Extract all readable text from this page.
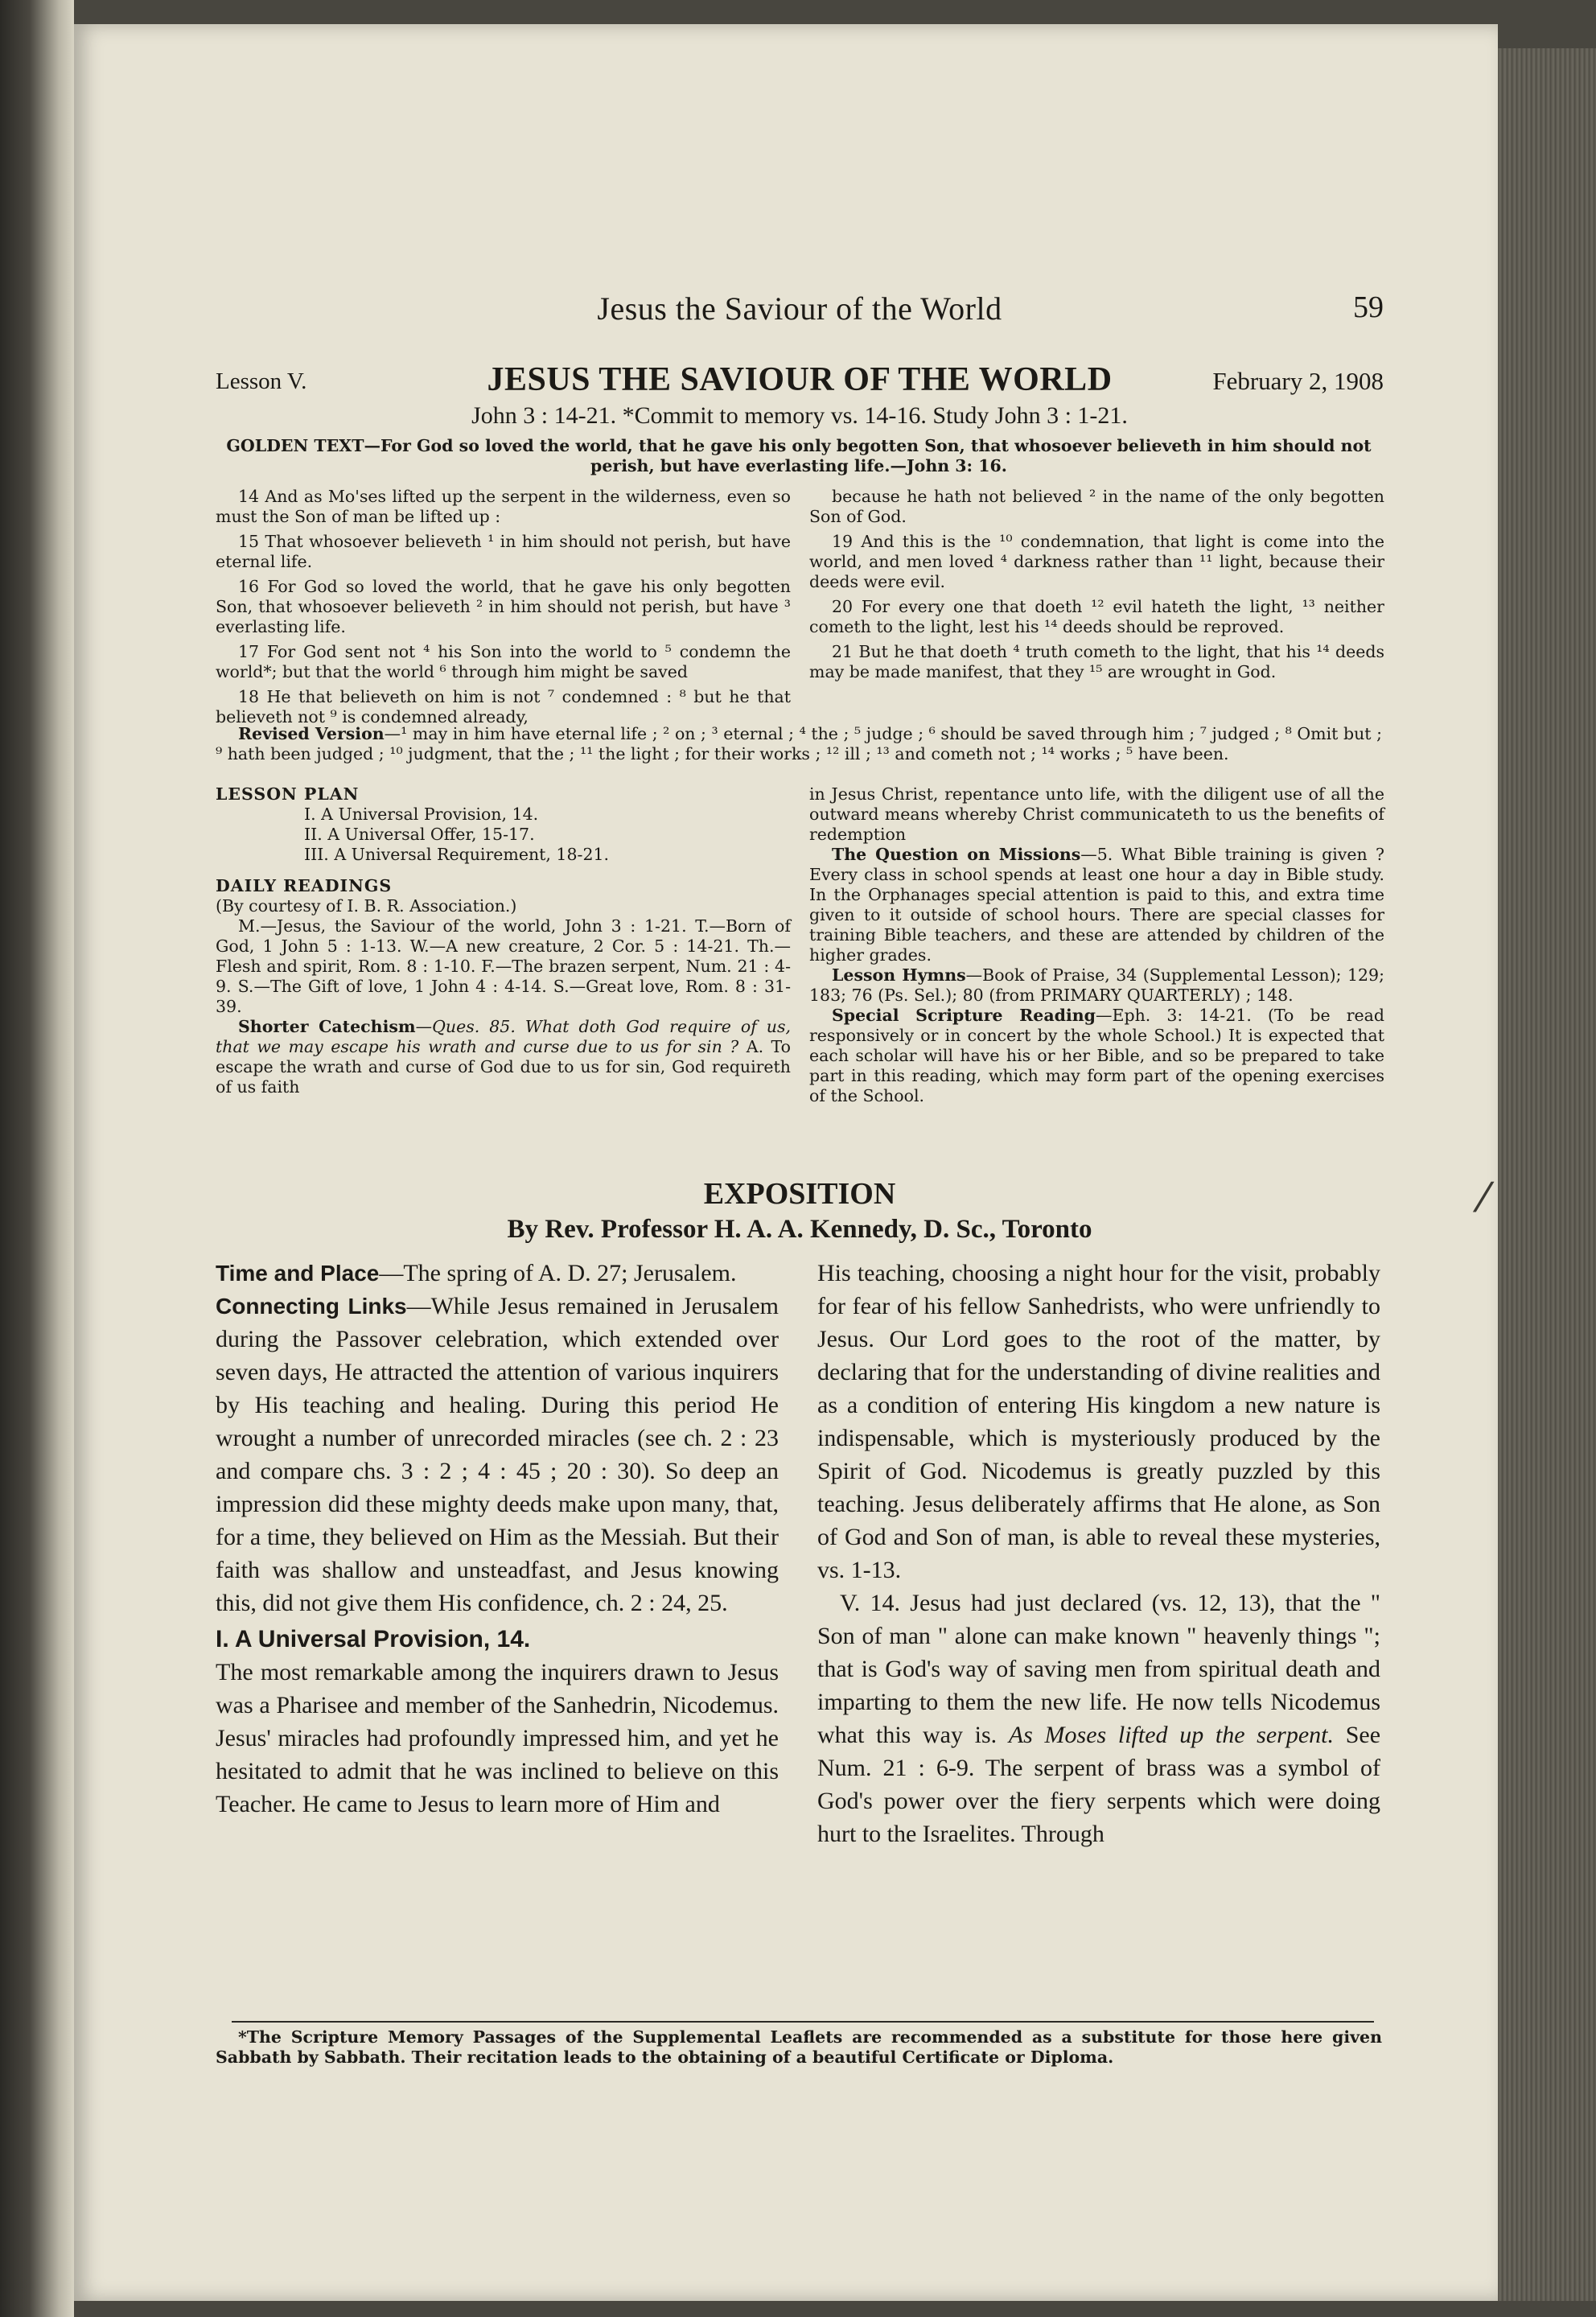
Jesus the Saviour of the World	59
Lesson V.	JESUS THE SAVIOUR OF THE WORLD	February 2, 1908
John 3 : 14-21. *Commit to memory vs. 14-16. Study John 3 : 1-21.
GOLDEN TEXT—For God so loved the world, that he gave his only begotten Son, that whosoever believeth in him should not perish, but have everlasting life.—John 3: 16.

14 And as Mo'ses lifted up the serpent in the wilderness, even so must the Son of man be lifted up :

15 That whosoever believeth ¹ in him should not perish, but have eternal life.

16 For God so loved the world, that he gave his only begotten Son, that whosoever believeth ² in him should not perish, but have ³ everlasting life.

17 For God sent not ⁴ his Son into the world to ⁵ condemn the world*; but that the world ⁶ through him might be saved

18 He that believeth on him is not ⁷ condemned : ⁸ but he that believeth not ⁹ is condemned already,

because he hath not believed ² in the name of the only begotten Son of God.

19 And this is the ¹⁰ condemnation, that light is come into the world, and men loved ⁴ darkness rather than ¹¹ light, because their deeds were evil.

20 For every one that doeth ¹² evil hateth the light, ¹³ neither cometh to the light, lest his ¹⁴ deeds should be reproved.

21 But he that doeth ⁴ truth cometh to the light, that his ¹⁴ deeds may be made manifest, that they ¹⁵ are wrought in God.

Revised Version—¹ may in him have eternal life ; ² on ; ³ eternal ; ⁴ the ; ⁵ judge ; ⁶ should be saved through him ; ⁷ judged ; ⁸ Omit but ; ⁹ hath been judged ; ¹⁰ judgment, that the ; ¹¹ the light ; for their works ; ¹² ill ; ¹³ and cometh not ; ¹⁴ works ; ⁵ have been.

LESSON PLAN

I. A Universal Provision, 14.

II. A Universal Offer, 15-17.

III. A Universal Requirement, 18-21.

DAILY READINGS

(By courtesy of I. B. R. Association.)

M.—Jesus, the Saviour of the world, John 3 : 1-21. T.—Born of God, 1 John 5 : 1-13. W.—A new creature, 2 Cor. 5 : 14-21. Th.—Flesh and spirit, Rom. 8 : 1-10. F.—The brazen serpent, Num. 21 : 4-9. S.—The Gift of love, 1 John 4 : 4-14. S.—Great love, Rom. 8 : 31-39.

Shorter Catechism—Ques. 85. What doth God require of us, that we may escape his wrath and curse due to us for sin ? A. To escape the wrath and curse of God due to us for sin, God requireth of us faith

in Jesus Christ, repentance unto life, with the diligent use of all the outward means whereby Christ communicateth to us the benefits of redemption

The Question on Missions—5. What Bible training is given ? Every class in school spends at least one hour a day in Bible study. In the Orphanages special attention is paid to this, and extra time given to it outside of school hours. There are special classes for training Bible teachers, and these are attended by children of the higher grades.

Lesson Hymns—Book of Praise, 34 (Supplemental Lesson); 129; 183; 76 (Ps. Sel.); 80 (from PRIMARY QUARTERLY) ; 148.

Special Scripture Reading—Eph. 3: 14-21. (To be read responsively or in concert by the whole School.) It is expected that each scholar will have his or her Bible, and so be prepared to take part in this reading, which may form part of the opening exercises of the School.

EXPOSITION
By Rev. Professor H. A. A. Kennedy, D. Sc., Toronto

Time and Place—The spring of A. D. 27; Jerusalem.

Connecting Links—While Jesus remained in Jerusalem during the Passover celebration, which extended over seven days, He attracted the attention of various inquirers by His teaching and healing. During this period He wrought a number of unrecorded miracles (see ch. 2 : 23 and compare chs. 3 : 2 ; 4 : 45 ; 20 : 30). So deep an impression did these mighty deeds make upon many, that, for a time, they believed on Him as the Messiah. But their faith was shallow and unsteadfast, and Jesus knowing this, did not give them His confidence, ch. 2 : 24, 25.

I. A Universal Provision, 14.

The most remarkable among the inquirers drawn to Jesus was a Pharisee and member of the Sanhedrin, Nicodemus. Jesus' miracles had profoundly impressed him, and yet he hesitated to admit that he was inclined to believe on this Teacher. He came to Jesus to learn more of Him and

His teaching, choosing a night hour for the visit, probably for fear of his fellow Sanhedrists, who were unfriendly to Jesus. Our Lord goes to the root of the matter, by declaring that for the understanding of divine realities and as a condition of entering His kingdom a new nature is indispensable, which is mysteriously produced by the Spirit of God. Nicodemus is greatly puzzled by this teaching. Jesus deliberately affirms that He alone, as Son of God and Son of man, is able to reveal these mysteries, vs. 1-13.

V. 14. Jesus had just declared (vs. 12, 13), that the " Son of man " alone can make known " heavenly things "; that is God's way of saving men from spiritual death and imparting to them the new life. He now tells Nicodemus what this way is. As Moses lifted up the serpent. See Num. 21 : 6-9. The serpent of brass was a symbol of God's power over the fiery serpents which were doing hurt to the Israelites. Through

*The Scripture Memory Passages of the Supplemental Leaflets are recommended as a substitute for those here given Sabbath by Sabbath. Their recitation leads to the obtaining of a beautiful Certificate or Diploma.
⁄
